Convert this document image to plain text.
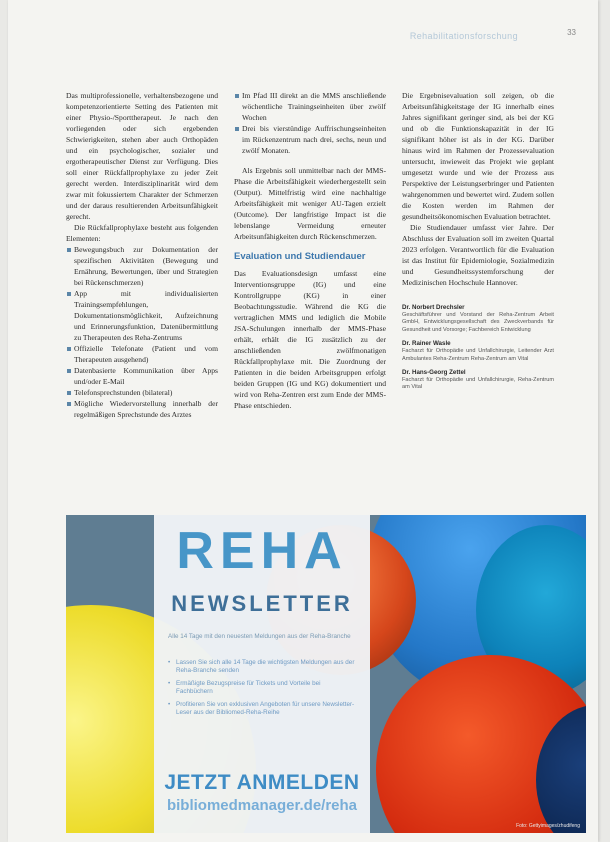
Rehabilitationsforschung	33

Das multiprofessionelle, verhaltensbezogene und kompetenzorientierte Setting des Patienten mit einer Physio-/Sporttherapeut. Je nach den vorliegenden oder sich ergebenden Schwierigkeiten, stehen aber auch Orthopäden und ein psychologischer, sozialer und ergotherapeutischer Dienst zur Verfügung. Dies soll einer Rückfallprophylaxe zu jeder Zeit gerecht werden. Interdisziplinarität wird dem zwar mit fokussiertem Charakter der Schmerzen und der daraus resultierenden Arbeitsunfähigkeit gerecht.

Die Rückfallprophylaxe besteht aus folgenden Elementen:

Bewegungsbuch zur Dokumentation der spezifischen Aktivitäten (Bewegung und Ernährung, Bewertungen, über und Strategien bei Rückenschmerzen)
App mit individualisierten Trainingsempfehlungen, Dokumentationsmöglichkeit, Aufzeichnung und Erinnerungsfunktion, Datenübermittlung zu Therapeuten des Reha-Zentrums
Offizielle Telefonate (Patient und vom Therapeuten ausgehend)
Datenbasierte Kommunikation über Apps und/oder E-Mail
Telefonsprechstunden (bilateral)
Mögliche Wiedervorstellung innerhalb der regelmäßigen Sprechstunde des Arztes
Im Pfad III direkt an die MMS anschließende wöchentliche Trainingseinheiten über zwölf Wochen
Drei bis vierstündige Auffrischungseinheiten im Rückenzentrum nach drei, sechs, neun und zwölf Monaten.

Als Ergebnis soll unmittelbar nach der MMS-Phase die Arbeitsfähigkeit wiederhergestellt sein (Output). Mittelfristig wird eine nachhaltige Arbeitsfähigkeit mit weniger AU-Tagen erzielt (Outcome). Der langfristige Impact ist die lebenslange Vermeidung erneuter Arbeitsunfähigkeiten durch Rückenschmerzen.

Evaluation und Studiendauer

Das Evaluationsdesign umfasst eine Interventionsgruppe (IG) und eine Kontrollgruppe (KG) in einer Beobachtungsstudie. Während die KG die vertraglichen MMS und lediglich die Mobile JSA-Schulungen innerhalb der MMS-Phase erhält, erhält die IG zusätzlich zu der anschließenden zwölfmonatigen Rückfallprophylaxe mit. Die Zuordnung der Patienten in die beiden Arbeitsgruppen erfolgt beiden Gruppen (IG und KG) dokumentiert und wird von Reha-Zentren erst zum Ende der MMS-Phase entschieden.

Die Ergebnisevaluation soll zeigen, ob die Arbeitsunfähigkeitstage der IG innerhalb eines Jahres signifikant geringer sind, als bei der KG und ob die Funktionskapazität in der IG signifikant höher ist als in der KG. Darüber hinaus wird im Rahmen der Prozessevaluation untersucht, inwieweit das Projekt wie geplant umgesetzt wurde und wie der Prozess aus Perspektive der Leistungserbringer und Patienten wahrgenommen und bewertet wird. Zudem sollen die Kosten werden im Rahmen der gesundheitsökonomischen Evaluation betrachtet.

Die Studiendauer umfasst vier Jahre. Der Abschluss der Evaluation soll im zweiten Quartal 2023 erfolgen. Verantwortlich für die Evaluation ist das Institut für Epidemiologie, Sozialmedizin und Gesundheitssystemforschung der Medizinischen Hochschule Hannover.

Dr. Norbert Drechsler
Geschäftsführer und Vorstand der Reha-Zentrum Arbeit GmbH, Entwicklungsgesellschaft des Zweckverbands für Gesundheit und Vorsorge; Fachbereich Entwicklung
Dr. Rainer Wasle
Facharzt für Orthopädie und Unfallchirurgie, Leitender Arzt Ambulantes Reha-Zentrum Reha-Zentrum am Vital
Dr. Hans-Georg Zettel
Facharzt für Orthopädie und Unfallchirurgie, Reha-Zentrum am Vital
REHA
NEWSLETTER
Alle 14 Tage mit den neuesten Meldungen aus der Reha-Branche
• Lassen Sie sich alle 14 Tage die wichtigsten Meldungen aus der Reha-Branche senden
• Ermäßigte Bezugspreise für Tickets und Vorteile bei Fachbüchern
• Profitieren Sie von exklusiven Angeboten für unsere Newsletter-Leser aus der Bibliomed-Reha-Reihe
JETZT ANMELDEN
bibliomedmanager.de/reha
Foto: Gettyimages/zhudifeng
